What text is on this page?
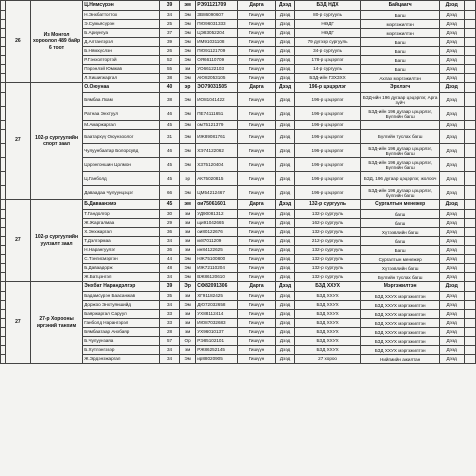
	26	Из Монгол хороолол 489 байр 6 тоот	Ц.Нямсүрэн	39	эм	РЭ91121709	Дарга	Дээд	БЗД НДХ	Байцаагч	Дээд	
			Н.Энхбаттогтох	34	Эм	ЗВ86090607	Гишүүн	Дээд	80-р сургууль	Багш	Дээд	
			Э.Сумьясүрэн	25	Эм	ПЮ96031333	Гишүүн	Дээд	НӨДГ	мэргэжилтэн	Дээд	
			Б.Ариунгуа	37	Эм	ЦЭ83052204	Гишүүн	Дээд	НӨДГ	мэргэжилтэн	Дээд	
			Д.Алтангэрэл	39	Эм	ИМ91031108	Гишүүн	Дээд	79 дүгээр сургууль	Багш	Дээд	
			Б.Нямхүслэн	26	Эм	ПЮ91121709	Гишүүн	Дээд	34-р сургууль	Багш	Дээд	
			Р.Гэнхолтортэй	52	Эм	ОЯ66110709	Гишүүн	Дээд	178-р цэцэрлэг	Багш	Дээд	
			Пэрэнлэй Юмжав	55	эм	УО66122103	Гишүүн	Дээд	14-р сургууль	Багш	Дээд	
			Л.Хишигжаргал	38	Эм	АЮ82053105	Гишүүн	Дээд	БЗД-ийн ГЗХЗХХ	Ахлах мэргэжилтэн	Дээд	
	27	102-р сургуулийн спорт заал	О.Оюунаа	40	эр	ЭО79031505	Дарга	Дээд	196-р цэцэрлэг	Эрхлэгч	Дээд	
			Бямбаа Лхам	38	Эм	ИО81041422	Гишүүн	Дээд	196-р цэцэрлэг	БЗД-ийн 196 дугаар цэцэрлэг, Арга зүйч	Дээд	
			Ратнаа Энхтуул	46	Эм	ПЕ74111651	Гишүүн	Дээд	196-р цэцэрлэг	БЗД-ийн 196 дугаар цэцэрлэг, Бүлгийн багш	Дээд	
			М.Амаржаргал	45	Эм	ом75121379	Гишүүн	Дээд	196-р цэцэрлэг		Дээд	
			Баатархүү Оюунзоолог	31	Эм	ИЖ89081761	Гишүүн	Дээд	196-р цэцэрлэг	Бүлгийн туслах багш	Дээд	
			Чулуунбаатар Болорсувд	46	Эм	ХЭ74122062	Гишүүн	Дээд	196-р цэцэрлэг	БЗД-ийн 196 дугаар цэцэрлэг, Бүлгийн багш	Дээд	
			Цэрэнгоншин Цолмон	45	Эм	ХЗ75120404	Гишүүн	Дээд	196-р цэцэрлэг	БЗД-ийн 196 дугаар цэцэрлэг, Бүлгийн багш	Дээд	
			Ц.Ганболд	45	эр	АК75020815	Гишүүн	Дээд	196-р цэцэрлэг	БЗД, 196 дугаар цэцэрлэг, жолооч	Дээд	
			Даваадаа Чулуунцэцэг	66	Эм	ЦМ54212467	Гишүүн	Дээд	196-р цэцэрлэг	БЗД-ийн 196 дугаар цэцэрлэг, бүлгийн багш	Дээд	
	27	102-р сургуулийн уулзалт заал	Б.Даваанэмэ	45	эм	ои75061601	Дарга	Дээд	132-р сургууль	Сургалтын менежер	Дээд	
			Т.Гандолгор	30	эм	УД90081312	Гишүүн	Дээд	132-р сургууль	багш	Дээд	
			Ж.Жаргалмаа	29	эм	щи91042665	Гишүүн	Дээд	162-р сургууль	багш	Дээд	
			Х.Энхжаргал	36	эм	ои80122676	Гишүүн	Дээд	132-р сургууль	Хүтээвлийн багш	Дээд	
			Т.Дэлгэрмаа	34	эм	кк87011209	Гишүүн	Дээд	212-р сургууль	багш	Дээд	
			Н.Нарангуулэг	36	эм	ин84122625	Гишүүн	Дээд	132-р сургууль	Багш	Дээд	
			С.Тэнгисмэргэн	44	Эм	НЖ75100800	Гишүүн	Дээд	132-р сургууль	Сургалтын менежер	Дээд	
			Б.Даваадорж	48	Эм	ИЖ72110204	Гишүүн	Дээд	132-р сургууль	Хүтээвлийн багш	Дээд	
			Ж.Батцэнгэл	34	Эм	ВЖ86120610	Гишүүн	Дээд	132-р сургууль	Бүлгийн туслах багш	Дээд	
	27	27-р Хорооны иргэний танхим	Энхбат Нарандэлгэр	39	Эр	СФ82091306	Дарга	Дээд	БЗД ХХУХ	Мэргэжилтэн	Дээд	
			Бадамсүрэн Баасанжав	35	эм	ХГ91182425	Гишүүн	Дээд	БЗД ХХУХ	БЗД ХХУХ мэргэжилтэн	Дээд	
			Доржоо Энхтуяншийд	34	Эм	ДЮ72032658	Гишүүн	Дээд	БЗД ХХУХ	БЗД ХХУХ мэргэжилтэн	Дээд	
			Баяржаргал Саруул	33	эм	УХ88112414	Гишүүн	Дээд	БЗД ХХУХ	БЗД ХХУХ мэргэжилтэн	Дээд	
			Ганболд Нарангэрэл	33	эм	ИЮ87032683	Гишүүн	Дээд	БЗД ХХУХ	БЗД ХХУХ мэргэжилтэн	Дээд	
			Бямбаатаар Анхбаяр	28	эм	УХ96010137	Гишүүн	Дээд	БЗД ХХУХ	БЗД ХХУХ мэргэжилтэн	Дээд	
			Б.Чулуунзаяа	57	Ор	РЭ85102101	Гишүүн	Дээд	БЗД ХХУХ	БЗД ХХУХ мэргэжилтэн	Дээд	
			Б.Хүтлэнгэзэр	34	эм	РЖ86252145	Гишүүн	Дээд	БЗД ХХУХ	БЗД ХХУХ мэргэжилтэн	Дээд	
			Ж.Эрдэнэжаргал	34	Эм	ир88020905	Гишүүн	Дээд	27 хороо	Нийгмийн ажилтан	Дээд	
